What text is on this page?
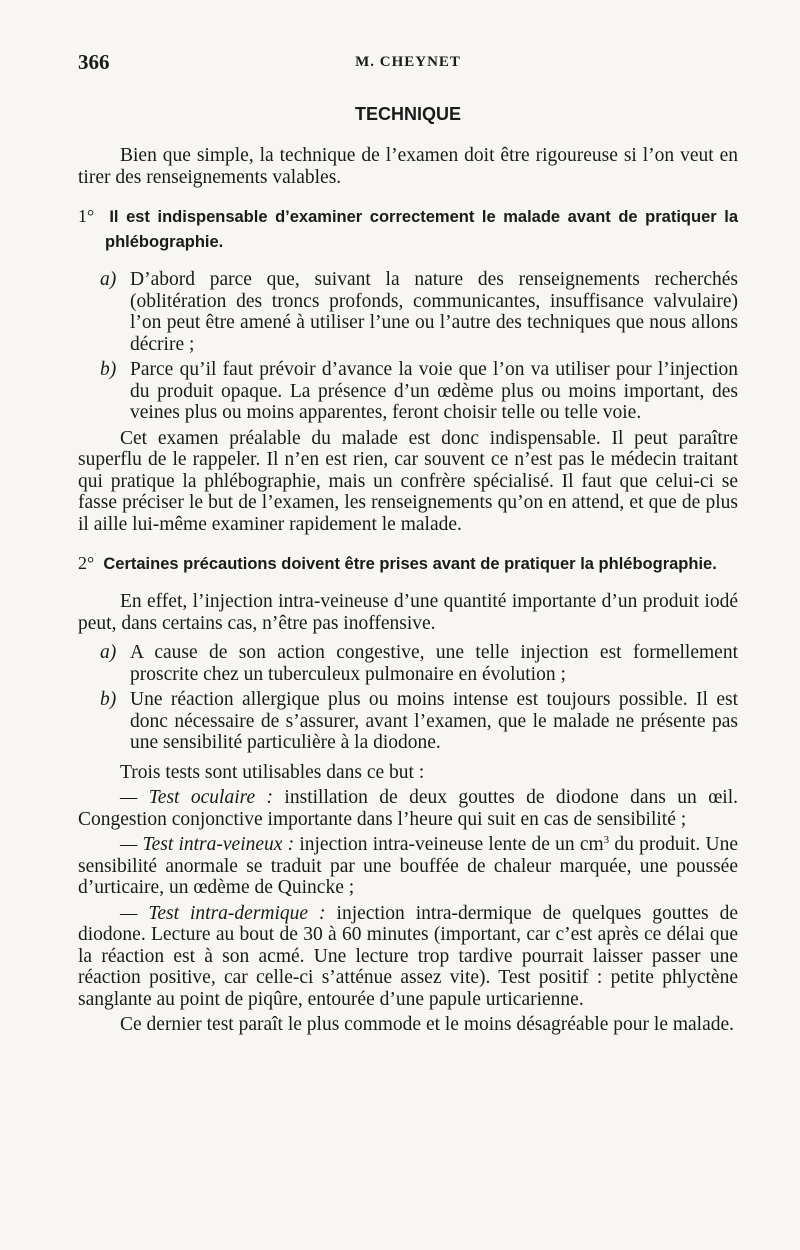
366	M. CHEYNET
TECHNIQUE

Bien que simple, la technique de l’examen doit être rigoureuse si l’on veut en tirer des renseignements valables.

1° Il est indispensable d’examiner correctement le malade avant de pratiquer la phlébographie.

a) D’abord parce que, suivant la nature des renseignements recherchés (oblitération des troncs profonds, communicantes, insuffisance valvulaire) l’on peut être amené à utiliser l’une ou l’autre des techniques que nous allons décrire ;

b) Parce qu’il faut prévoir d’avance la voie que l’on va utiliser pour l’injection du produit opaque. La présence d’un œdème plus ou moins important, des veines plus ou moins apparentes, feront choisir telle ou telle voie.

Cet examen préalable du malade est donc indispensable. Il peut paraître superflu de le rappeler. Il n’en est rien, car souvent ce n’est pas le médecin traitant qui pratique la phlébographie, mais un confrère spécialisé. Il faut que celui-ci se fasse préciser le but de l’examen, les renseignements qu’on en attend, et que de plus il aille lui-même examiner rapidement le malade.

2° Certaines précautions doivent être prises avant de pratiquer la phlébographie.

En effet, l’injection intra-veineuse d’une quantité importante d’un produit iodé peut, dans certains cas, n’être pas inoffensive.

a) A cause de son action congestive, une telle injection est formellement proscrite chez un tuberculeux pulmonaire en évolution ;

b) Une réaction allergique plus ou moins intense est toujours possible. Il est donc nécessaire de s’assurer, avant l’examen, que le malade ne présente pas une sensibilité particulière à la diodone.

Trois tests sont utilisables dans ce but :

— Test oculaire : instillation de deux gouttes de diodone dans un œil. Congestion conjonctive importante dans l’heure qui suit en cas de sensibilité ;

— Test intra-veineux : injection intra-veineuse lente de un $cm^3$ du produit. Une sensibilité anormale se traduit par une bouffée de chaleur marquée, une poussée d’urticaire, un œdème de Quincke ;

— Test intra-dermique : injection intra-dermique de quelques gouttes de diodone. Lecture au bout de 30 à 60 minutes (important, car c’est après ce délai que la réaction est à son acmé. Une lecture trop tardive pourrait laisser passer une réaction positive, car celle-ci s’atténue assez vite). Test positif : petite phlyctène sanglante au point de piqûre, entourée d’une papule urticarienne.

Ce dernier test paraît le plus commode et le moins désagréable pour le malade.
